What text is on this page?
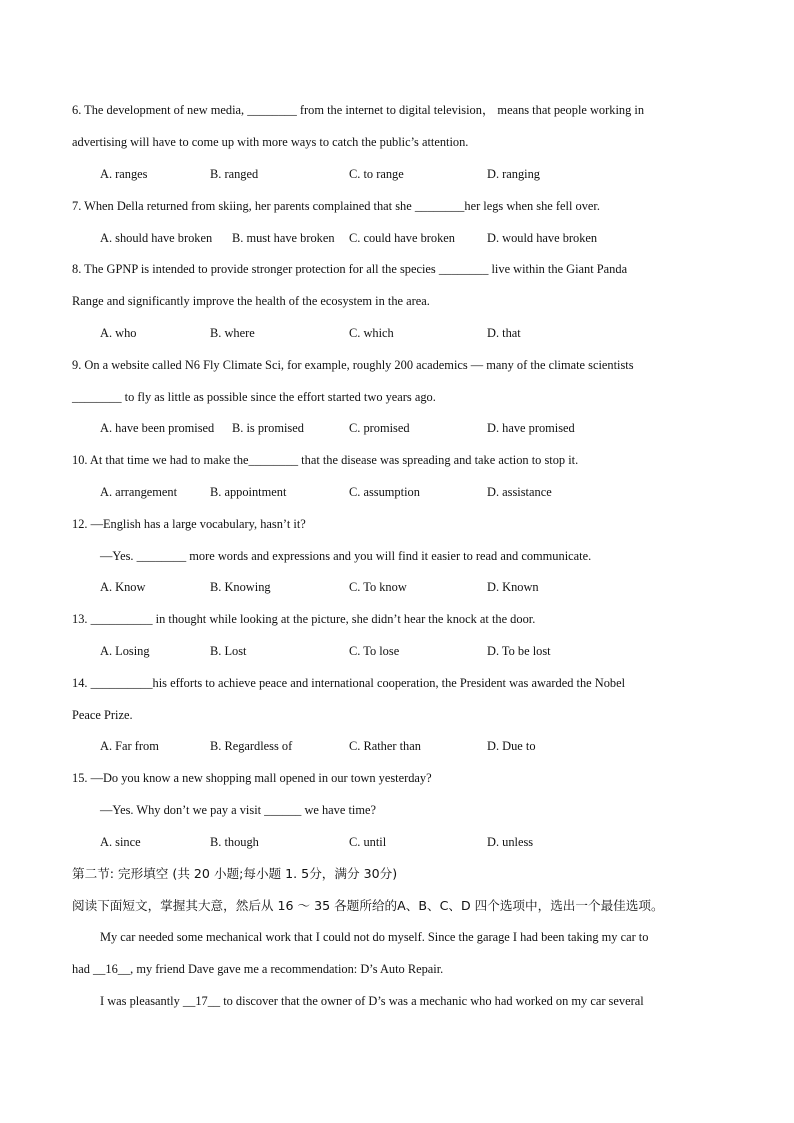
6. The development of new media, ________ from the internet to digital television， means that people working in
advertising will have to come up with more ways to catch the public’s attention.
A. ranges	B. ranged	C. to range	D. ranging
7. When Della returned from skiing, her parents complained that she ________her legs when she fell over.
A. should have broken B. must have broken C. could have broken	D. would have broken
8. The GPNP is intended to provide stronger protection for all the species ________ live within the Giant Panda
Range and significantly improve the health of the ecosystem in the area.
A. who	B. where	C. which	D. that
9. On a website called N6 Fly Climate Sci, for example, roughly 200 academics — many of the climate scientists
________ to fly as little as possible since the effort started two years ago.
A. have been promised B. is promised	C. promised	D. have promised
10. At that time we had to make the________ that the disease was spreading and take action to stop it.
A. arrangement	B. appointment	C. assumption	D. assistance
12. —English has a large vocabulary, hasn’t it?
—Yes. ________ more words and expressions and you will find it easier to read and communicate.
A. Know	B. Knowing	C. To know	D. Known
13. __________ in thought while looking at the picture, she didn’t hear the knock at the door.
A. Losing	B. Lost	C. To lose	D. To be lost
14. __________his efforts to achieve peace and international cooperation, the President was awarded the Nobel
Peace Prize.
A. Far from	B. Regardless of	C. Rather than	D. Due to
15. —Do you know a new shopping mall opened in our town yesterday?
—Yes. Why don’t we pay a visit ______ we have time?
A. since	B. though	C. until	D. unless
第二节: 完形填空 (共 20 小题;每小题 1. 5分，满分 30分)
阅读下面短文，掌握其大意，然后从 16 ～ 35 各题所给的A、B、C、D 四个选项中，选出一个最佳选项。
My car needed some mechanical work that I could not do myself. Since the garage I had been taking my car to
had __16__, my friend Dave gave me a recommendation: D’s Auto Repair.
I was pleasantly __17__ to discover that the owner of D’s was a mechanic who had worked on my car several
